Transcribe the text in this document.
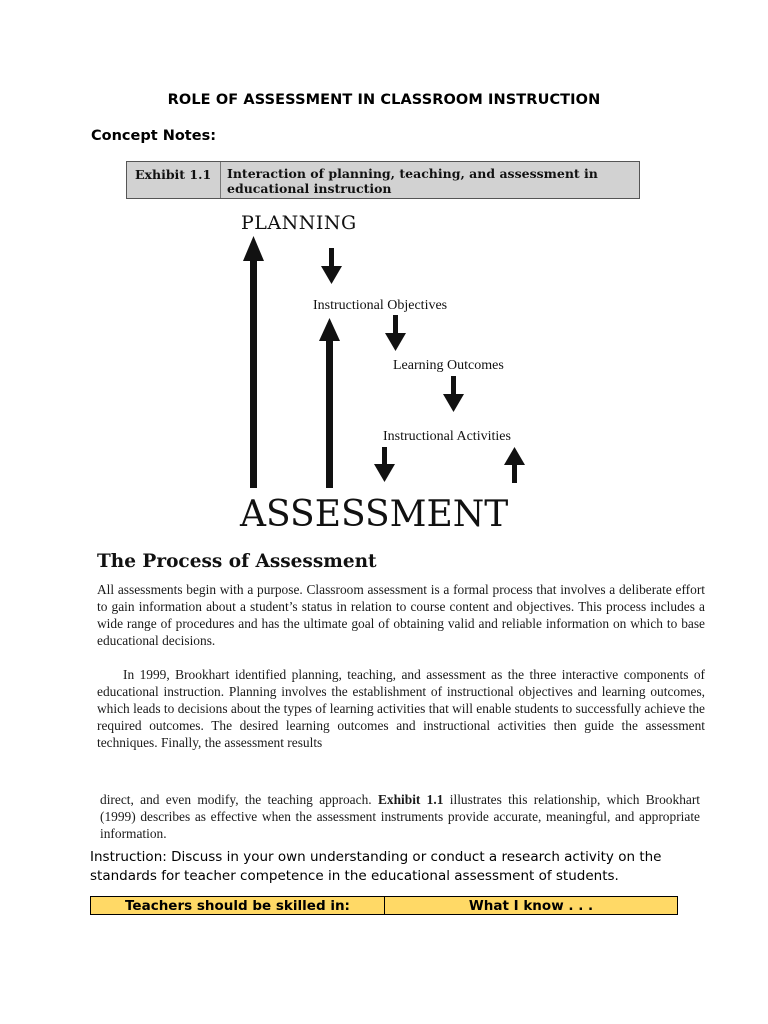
ROLE OF ASSESSMENT IN CLASSROOM INSTRUCTION
Concept Notes:
Exhibit 1.1 Interaction of planning, teaching, and assessment in educational instruction
PLANNING
Instructional Objectives
Learning Outcomes
Instructional Activities
ASSESSMENT
The Process of Assessment

All assessments begin with a purpose. Classroom assessment is a formal process that involves a deliberate effort to gain information about a student’s status in relation to course content and objectives. This process includes a wide range of procedures and has the ultimate goal of obtaining valid and reliable information on which to base educational decisions.

In 1999, Brookhart identified planning, teaching, and assessment as the three interactive components of educational instruction. Planning involves the establishment of instructional objectives and learning outcomes, which leads to decisions about the types of learning activities that will enable students to successfully achieve the required outcomes. The desired learning outcomes and instructional activities then guide the assessment techniques. Finally, the assessment results

direct, and even modify, the teaching approach. Exhibit 1.1 illustrates this relationship, which Brookhart (1999) describes as effective when the assessment instruments provide accurate, meaningful, and appropriate information.

Instruction: Discuss in your own understanding or conduct a research activity on the standards for teacher competence in the educational assessment of students.
Teachers should be skilled in:	What I know . . .
